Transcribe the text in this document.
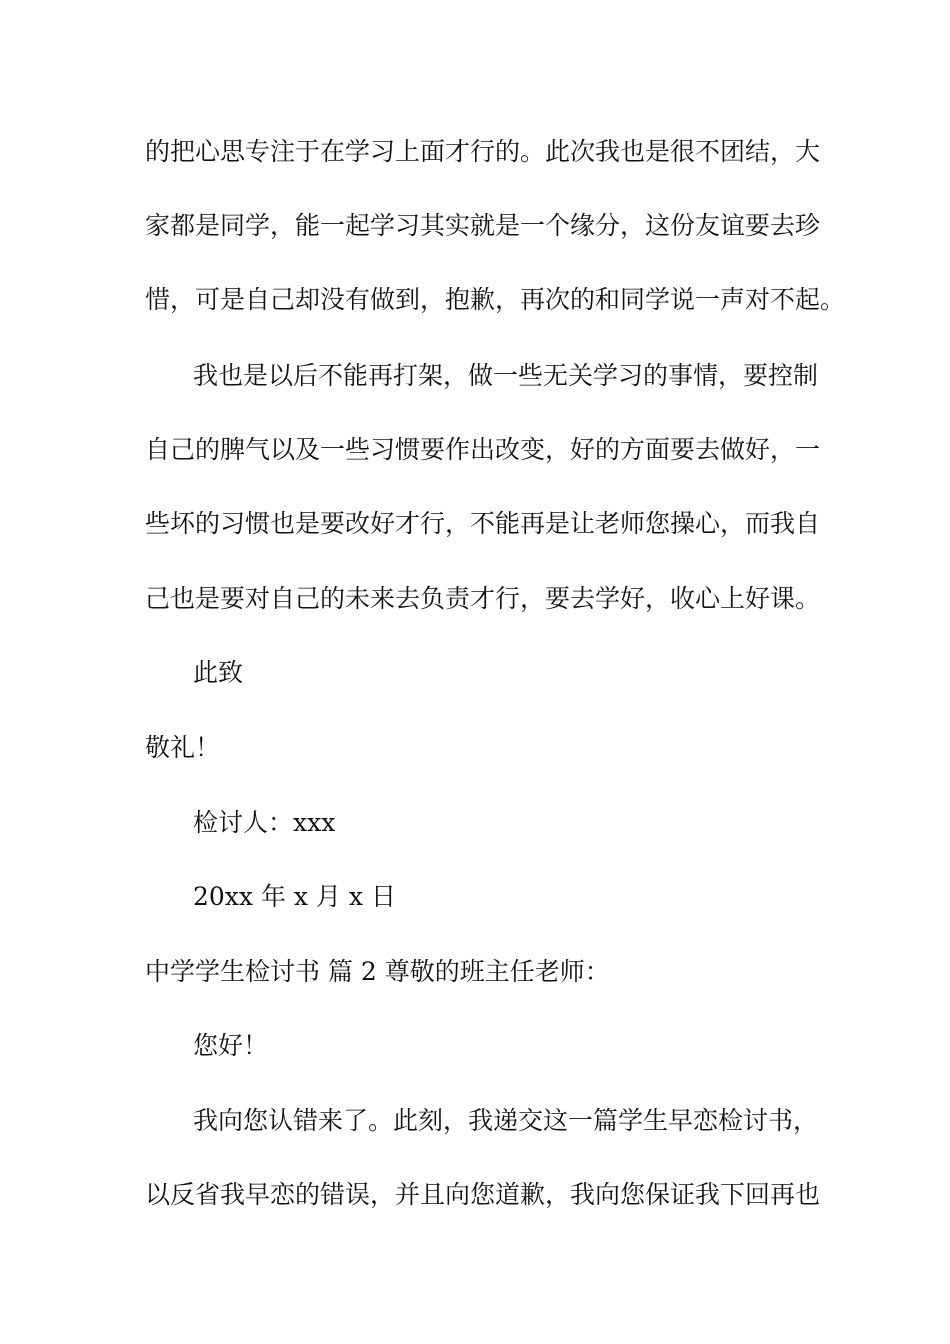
的把心思专注于在学习上面才行的。此次我也是很不团结，大
家都是同学，能一起学习其实就是一个缘分，这份友谊要去珍
惜，可是自己却没有做到，抱歉，再次的和同学说一声对不起。
我也是以后不能再打架，做一些无关学习的事情，要控制
自己的脾气以及一些习惯要作出改变，好的方面要去做好，一
些坏的习惯也是要改好才行，不能再是让老师您操心，而我自
己也是要对自己的未来去负责才行，要去学好，收心上好课。
此致
敬礼！
检讨人：xxx
20xx 年 x 月 x 日
中学学生检讨书 篇 2 尊敬的班主任老师：
您好！
我向您认错来了。此刻，我递交这一篇学生早恋检讨书，
以反省我早恋的错误，并且向您道歉，我向您保证我下回再也
